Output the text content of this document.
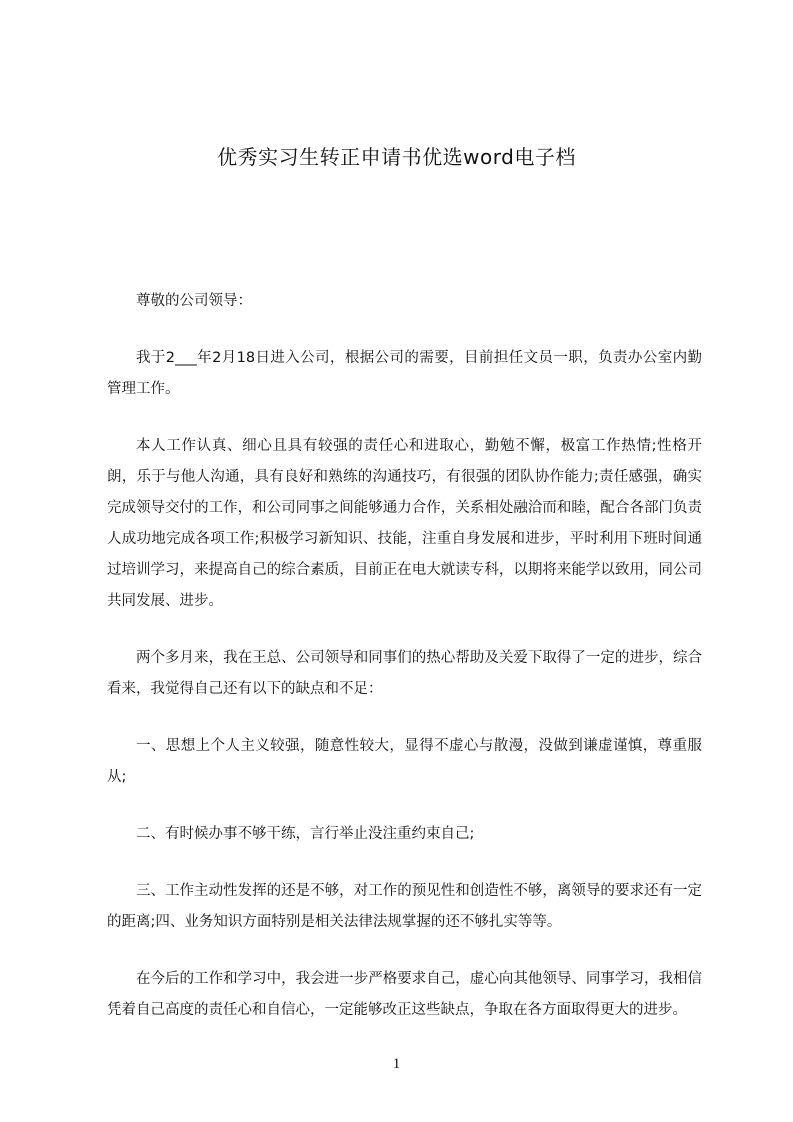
优秀实习生转正申请书优选word电子档

尊敬的公司领导：

我于2___年2月18日进入公司，根据公司的需要，目前担任文员一职，负责办公室内勤管理工作。

本人工作认真、细心且具有较强的责任心和进取心，勤勉不懈，极富工作热情;性格开朗，乐于与他人沟通，具有良好和熟练的沟通技巧，有很强的团队协作能力;责任感强，确实完成领导交付的工作，和公司同事之间能够通力合作，关系相处融洽而和睦，配合各部门负责人成功地完成各项工作;积极学习新知识、技能，注重自身发展和进步，平时利用下班时间通过培训学习，来提高自己的综合素质，目前正在电大就读专科，以期将来能学以致用，同公司共同发展、进步。

两个多月来，我在王总、公司领导和同事们的热心帮助及关爱下取得了一定的进步，综合看来，我觉得自己还有以下的缺点和不足：

一、思想上个人主义较强，随意性较大，显得不虚心与散漫，没做到谦虚谨慎，尊重服从;

二、有时候办事不够干练，言行举止没注重约束自己;

三、工作主动性发挥的还是不够，对工作的预见性和创造性不够，离领导的要求还有一定的距离;四、业务知识方面特别是相关法律法规掌握的还不够扎实等等。

在今后的工作和学习中，我会进一步严格要求自己，虚心向其他领导、同事学习，我相信凭着自己高度的责任心和自信心，一定能够改正这些缺点，争取在各方面取得更大的进步。

1
